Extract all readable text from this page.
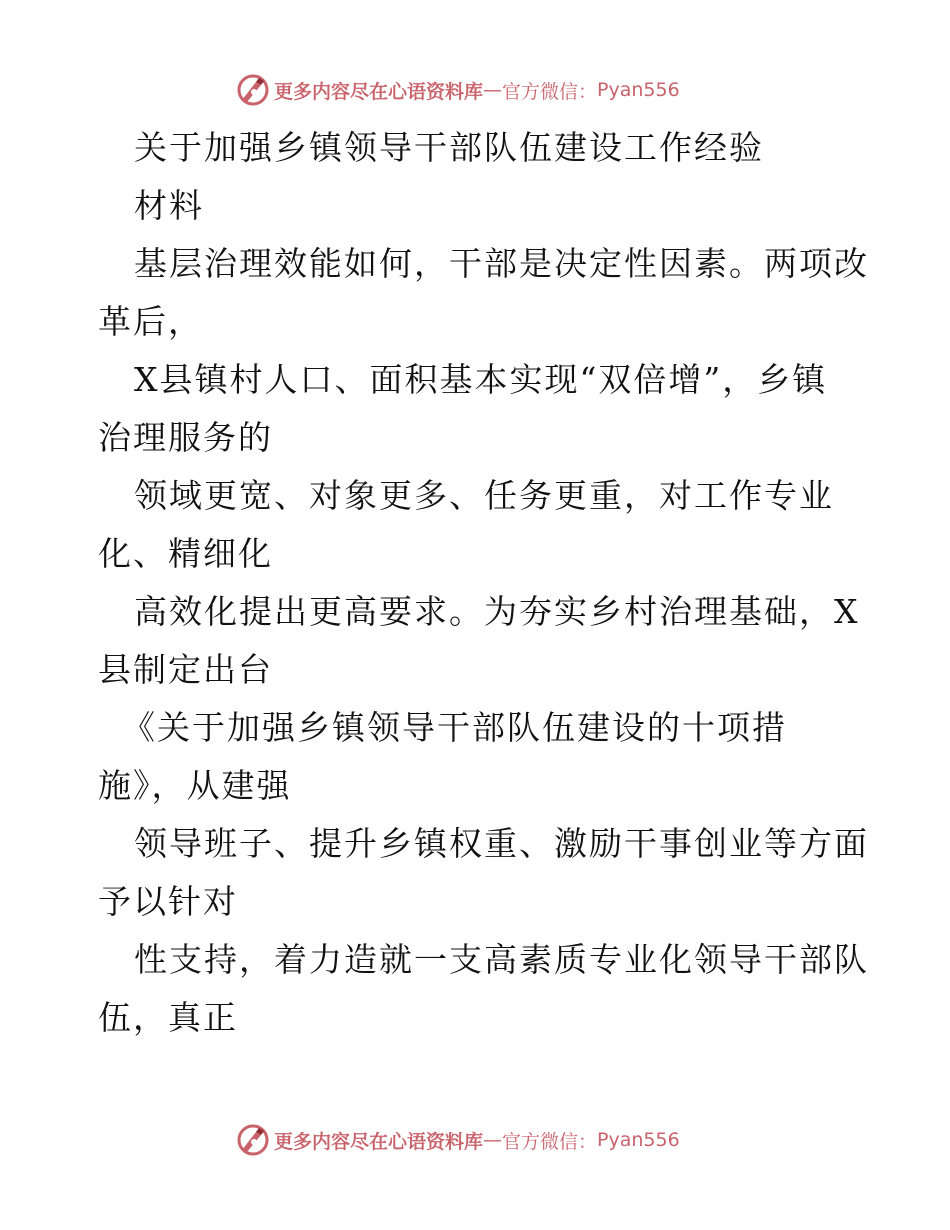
更多内容尽在心语资料库 — 官方微信： Pyan556
关于加强乡镇领导干部队伍建设工作经验
材料
基层治理效能如何，干部是决定性因素。两项改
革后，
X县镇村人口、面积基本实现“双倍增”，乡镇
治理服务的
领域更宽、对象更多、任务更重，对工作专业
化、精细化
高效化提出更高要求。为夯实乡村治理基础，X
县制定出台
《关于加强乡镇领导干部队伍建设的十项措
施》，从建强
领导班子、提升乡镇权重、激励干事创业等方面
予以针对
性支持，着力造就一支高素质专业化领导干部队
伍，真正
更多内容尽在心语资料库 — 官方微信： Pyan556
